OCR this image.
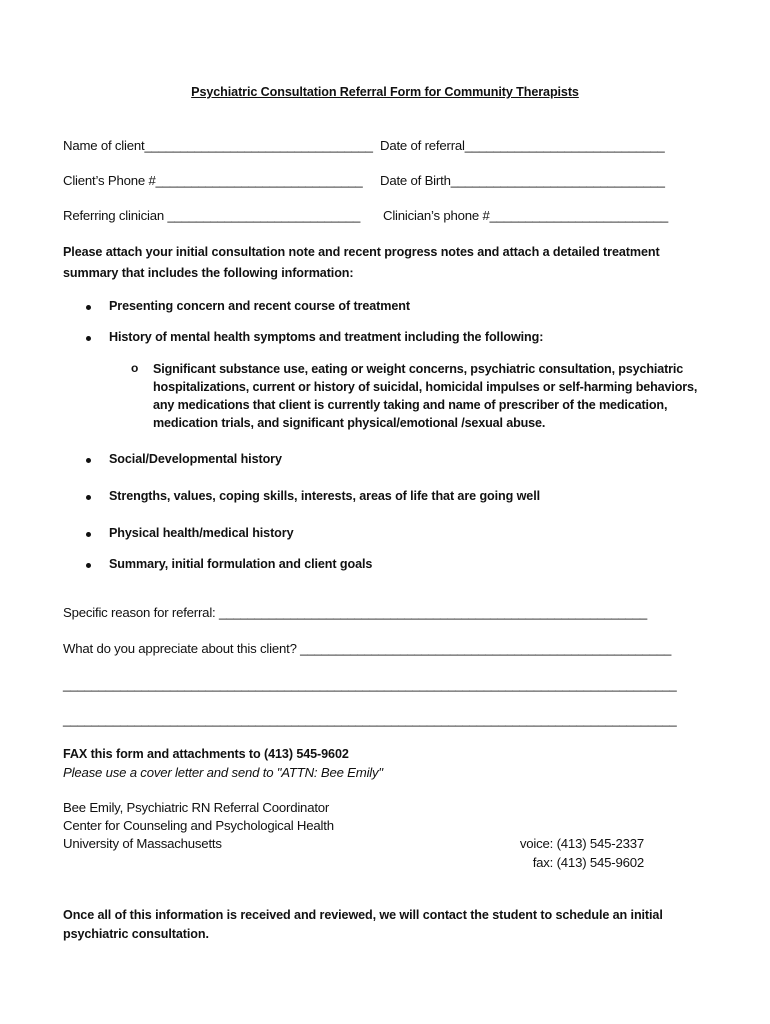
Psychiatric Consultation Referral Form for Community Therapists
Name of client________________________________ Date of referral____________________________
Client’s Phone #_____________________________ Date of Birth______________________________
Referring clinician ___________________________ Clinician’s phone #_________________________
Please attach your initial consultation note and recent progress notes and attach a detailed treatment summary that includes the following information:
Presenting concern and recent course of treatment
History of mental health symptoms and treatment including the following:
o Significant substance use, eating or weight concerns, psychiatric consultation, psychiatric hospitalizations, current or history of suicidal, homicidal impulses or self-harming behaviors, any medications that client is currently taking and name of prescriber of the medication, medication trials, and significant physical/emotional /sexual abuse.
Social/Developmental history
Strengths, values, coping skills, interests, areas of life that are going well
Physical health/medical history
Summary, initial formulation and client goals
Specific reason for referral: ____________________________________________________________
What do you appreciate about this client? ____________________________________________________
______________________________________________________________________________________
______________________________________________________________________________________
FAX this form and attachments to (413) 545-9602
Please use a cover letter and send to "ATTN: Bee Emily"
Bee Emily, Psychiatric RN Referral Coordinator
Center for Counseling and Psychological Health
University of Massachusetts	voice: (413) 545-2337
fax: (413) 545-9602
Once all of this information is received and reviewed, we will contact the student to schedule an initial psychiatric consultation.
